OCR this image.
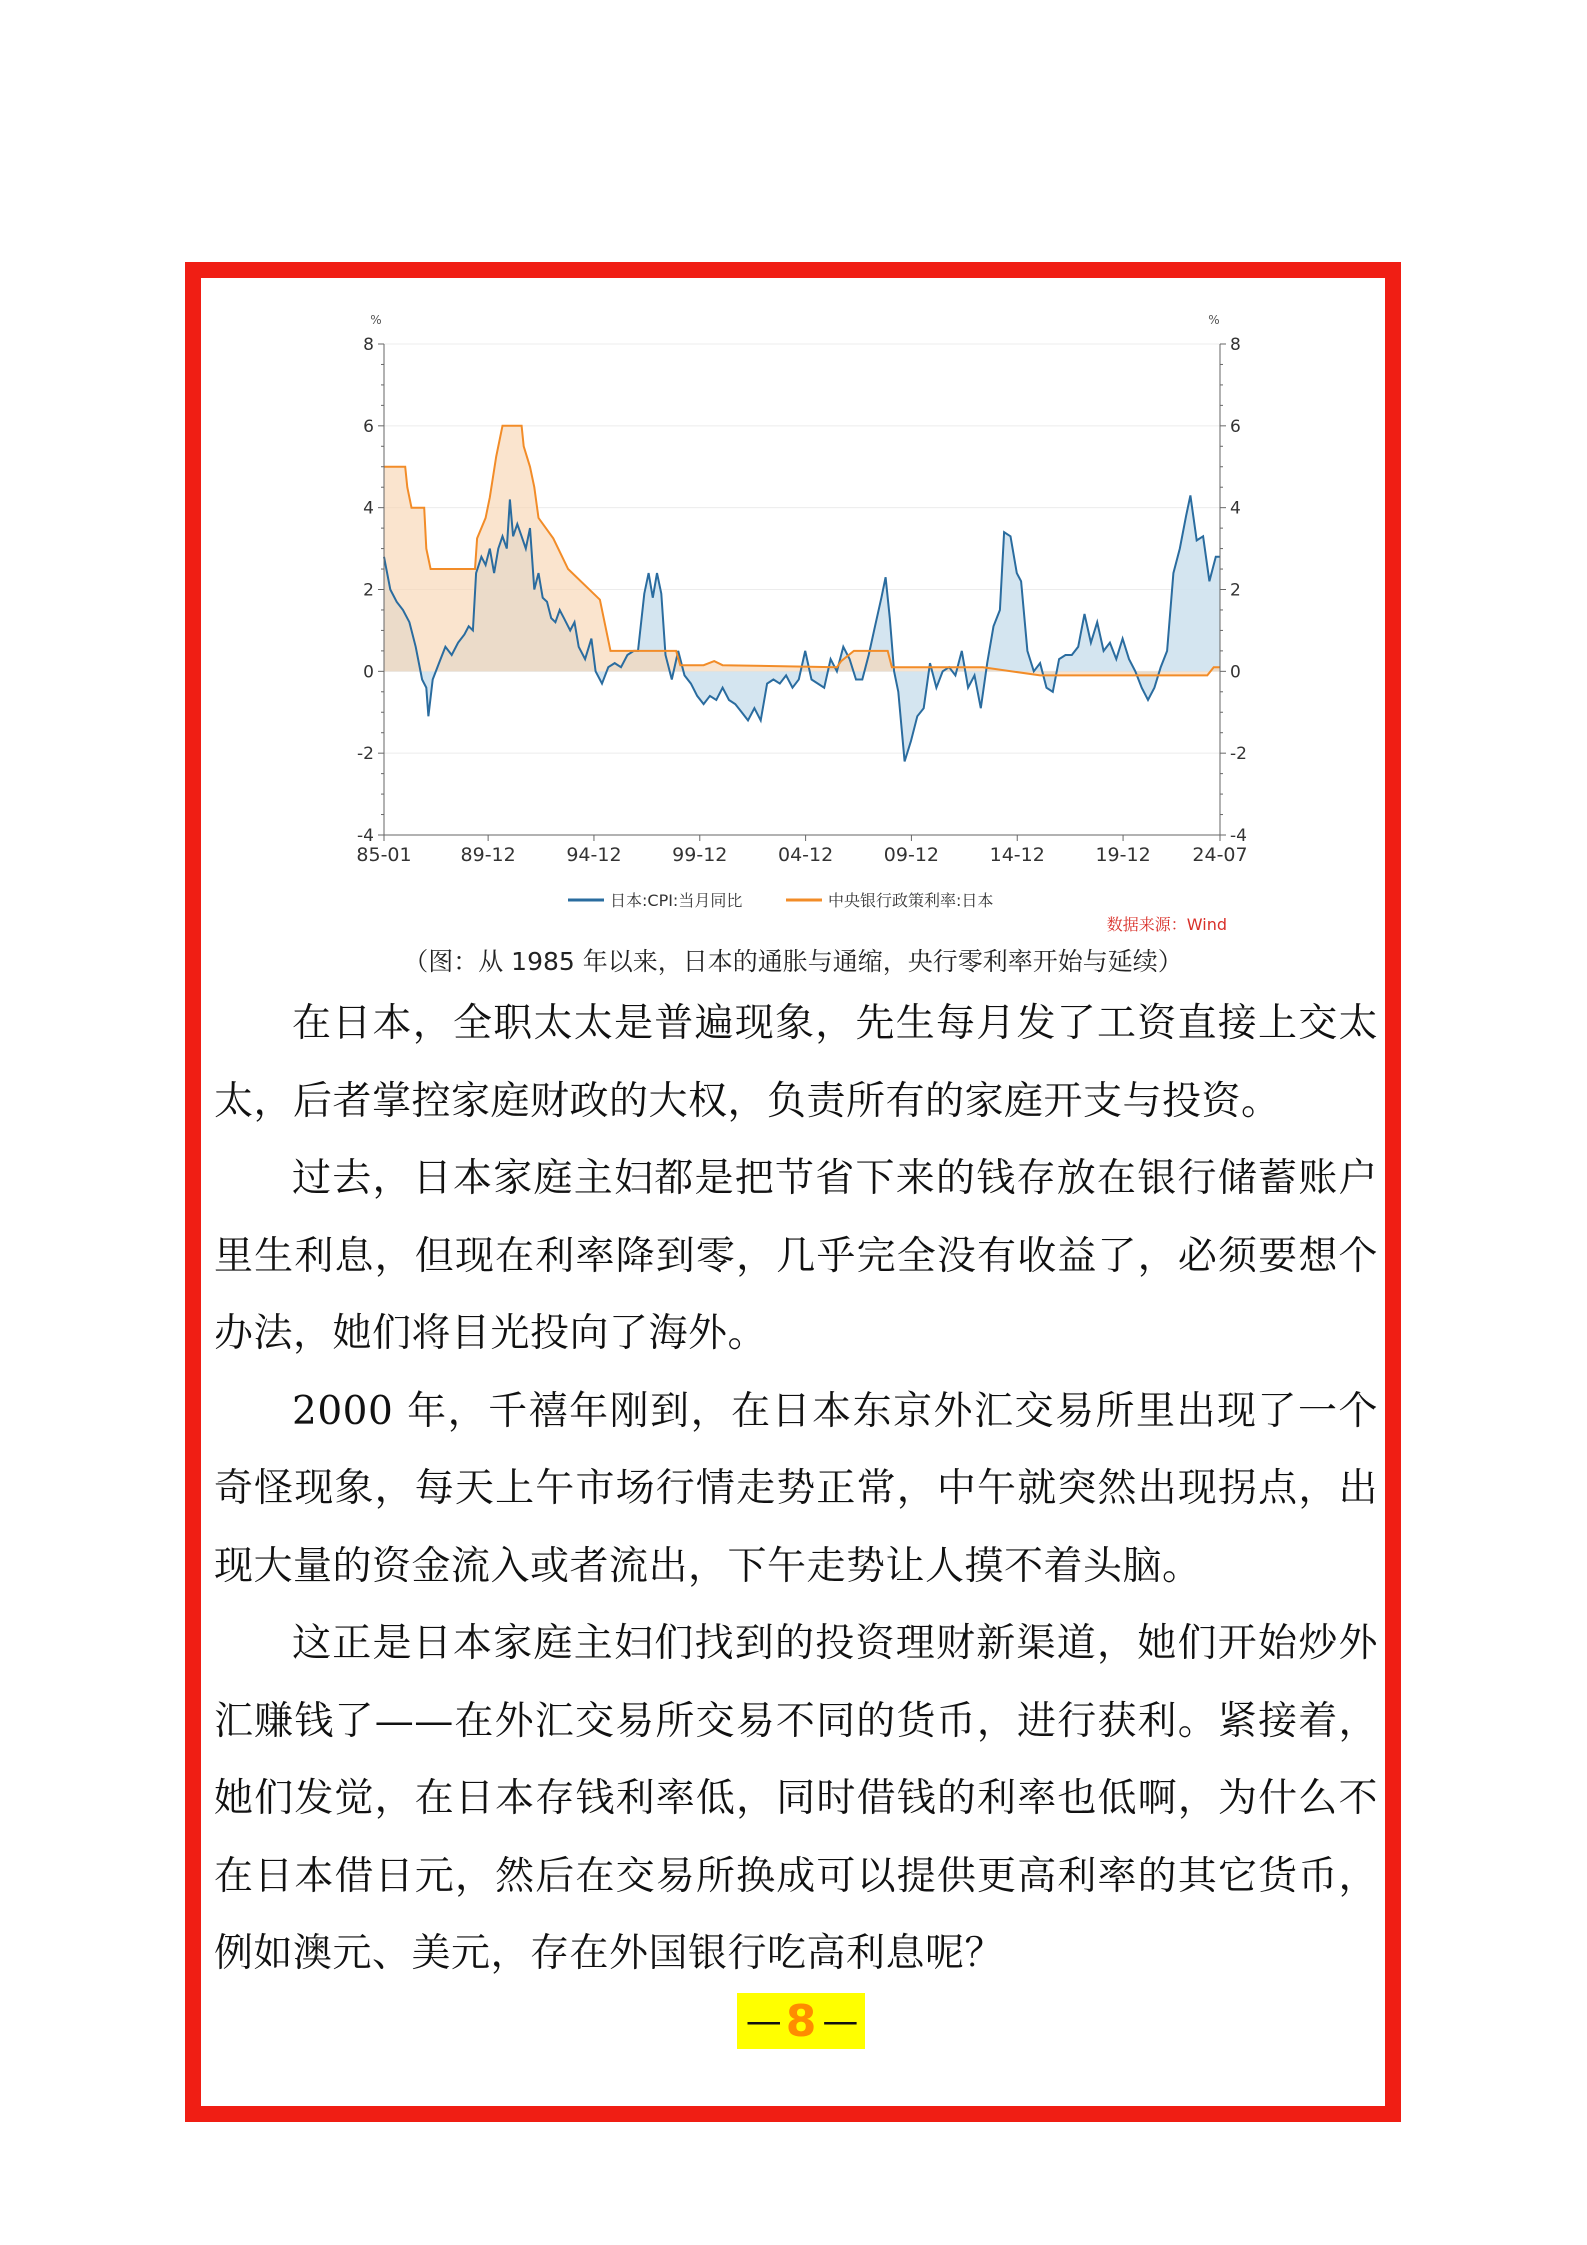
-4	-4
-2	-2
0	0
2	2
4	4
6	6
8	8
%	%
85-01	89-12	94-12	99-12	04-12	09-12	14-12	19-12 24-07
日本:CPI:当月同比	中央银行政策利率:日本
数据来源：Wind
（图：从 1985 年以来，日本的通胀与通缩，央行零利率开始与延续）

在日本，全职太太是普遍现象，先生每月发了工资直接上交太太，后者掌控家庭财政的大权，负责所有的家庭开支与投资。

过去，日本家庭主妇都是把节省下来的钱存放在银行储蓄账户里生利息，但现在利率降到零，几乎完全没有收益了，必须要想个办法，她们将目光投向了海外。

2000 年，千禧年刚到，在日本东京外汇交易所里出现了一个奇怪现象，每天上午市场行情走势正常，中午就突然出现拐点，出现大量的资金流入或者流出，下午走势让人摸不着头脑。

这正是日本家庭主妇们找到的投资理财新渠道，她们开始炒外汇赚钱了——在外汇交易所交易不同的货币，进行获利。紧接着，她们发觉，在日本存钱利率低，同时借钱的利率也低啊，为什么不在日本借日元，然后在交易所换成可以提供更高利率的其它货币，例如澳元、美元，存在外国银行吃高利息呢？

— 8 —
